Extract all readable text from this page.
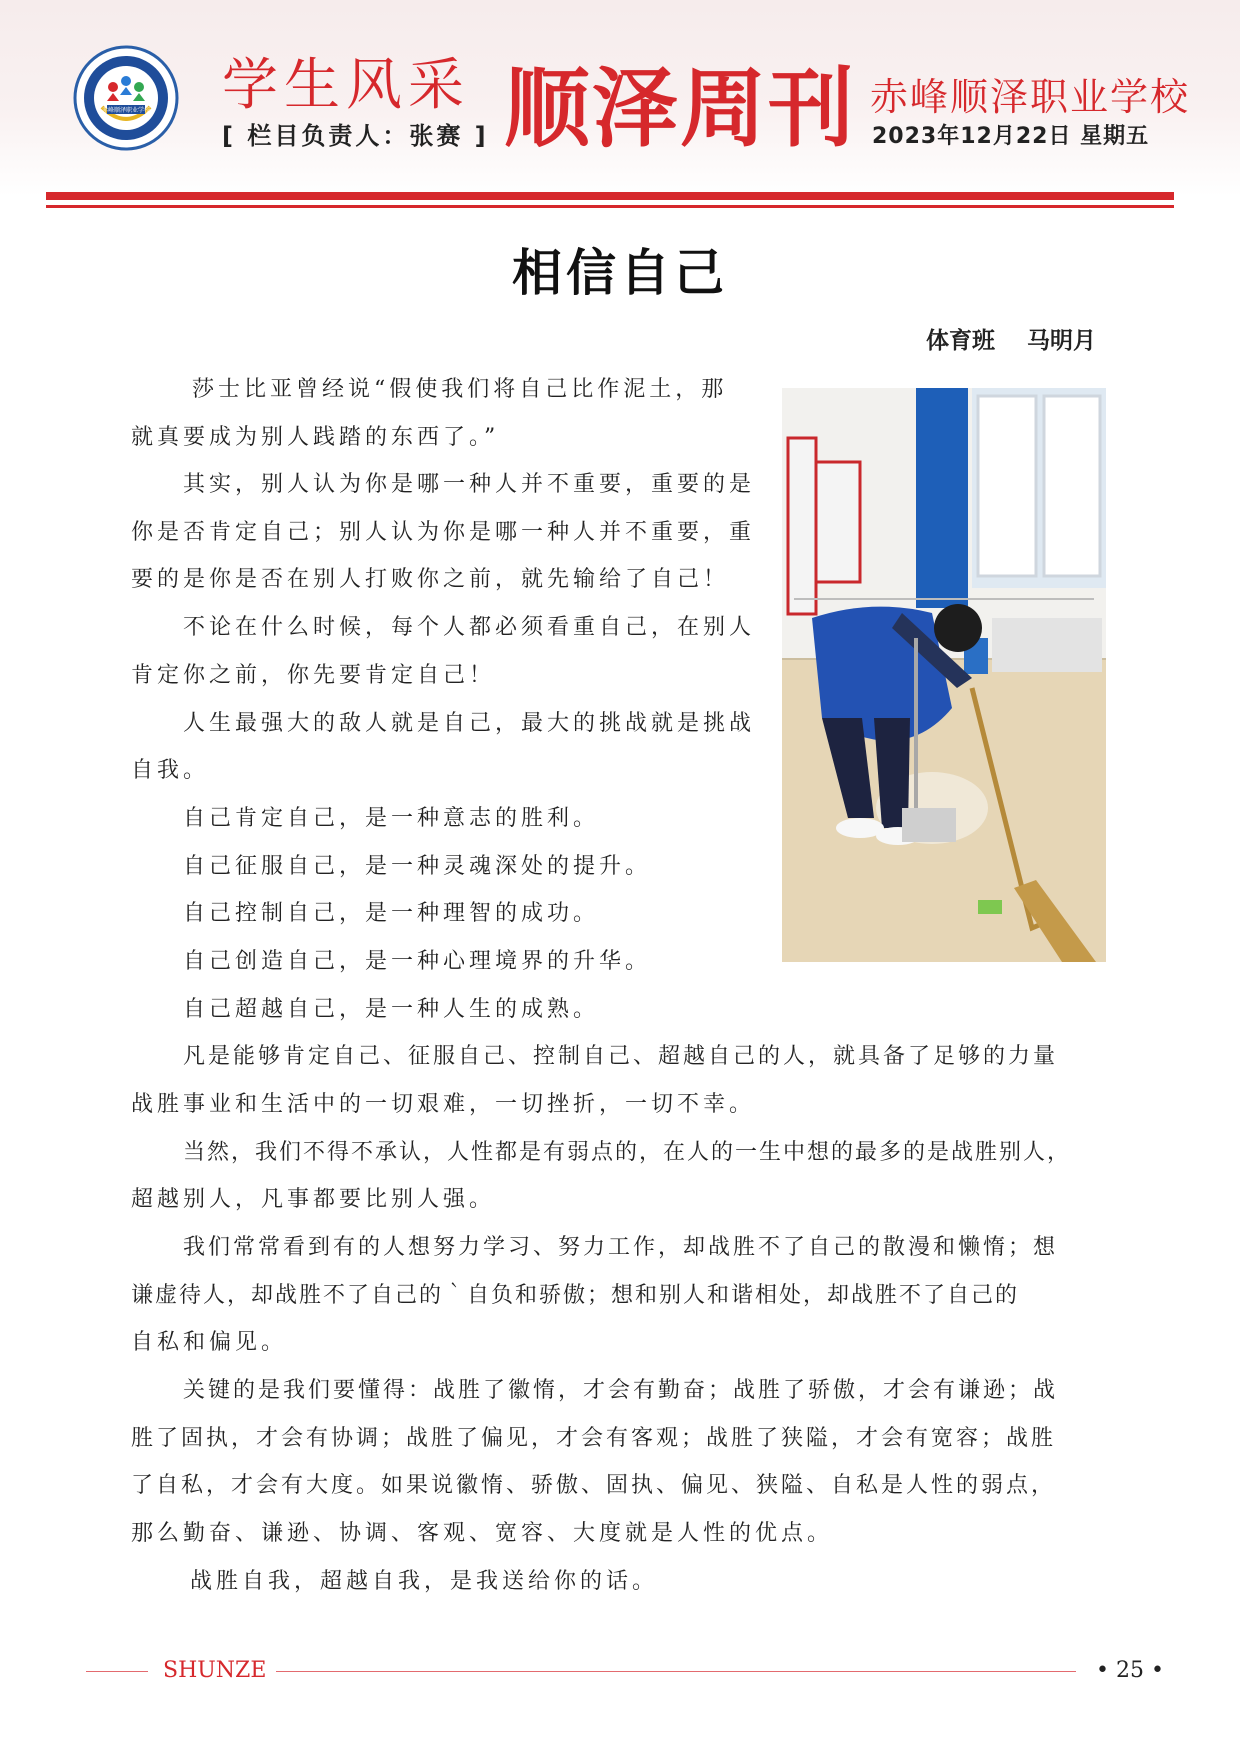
赤峰顺泽职业学校 学生风采
[ 栏目负责人：张赛 ] 顺泽周刊 赤峰顺泽职业学校
2023年12月22日 星期五
相信自己
体育班    马明月
莎士比亚曾经说“假使我们将自己比作泥土，那
就真要成为别人践踏的东西了。”
其实，别人认为你是哪一种人并不重要，重要的是
你是否肯定自己；别人认为你是哪一种人并不重要，重
要的是你是否在别人打败你之前，就先输给了自己！
不论在什么时候，每个人都必须看重自己，在别人
肯定你之前，你先要肯定自己！
人生最强大的敌人就是自己，最大的挑战就是挑战
自我。
自己肯定自己，是一种意志的胜利。
自己征服自己，是一种灵魂深处的提升。
自己控制自己，是一种理智的成功。
自己创造自己，是一种心理境界的升华。
自己超越自己，是一种人生的成熟。
凡是能够肯定自己、征服自己、控制自己、超越自己的人，就具备了足够的力量
战胜事业和生活中的一切艰难，一切挫折，一切不幸。
当然，我们不得不承认，人性都是有弱点的，在人的一生中想的最多的是战胜别人，
超越别人，凡事都要比别人强。
我们常常看到有的人想努力学习、努力工作，却战胜不了自己的散漫和懒惰；想
谦虚待人，却战胜不了自己的｀自负和骄傲；想和别人和谐相处，却战胜不了自己的
自私和偏见。
关键的是我们要懂得：战胜了徽惰，才会有勤奋；战胜了骄傲，才会有谦逊；战
胜了固执，才会有协调；战胜了偏见，才会有客观；战胜了狭隘，才会有宽容；战胜
了自私，才会有大度。如果说徽惰、骄傲、固执、偏见、狭隘、自私是人性的弱点，
那么勤奋、谦逊、协调、客观、宽容、大度就是人性的优点。
战胜自我，超越自我，是我送给你的话。
SHUNZE	• 25 •
